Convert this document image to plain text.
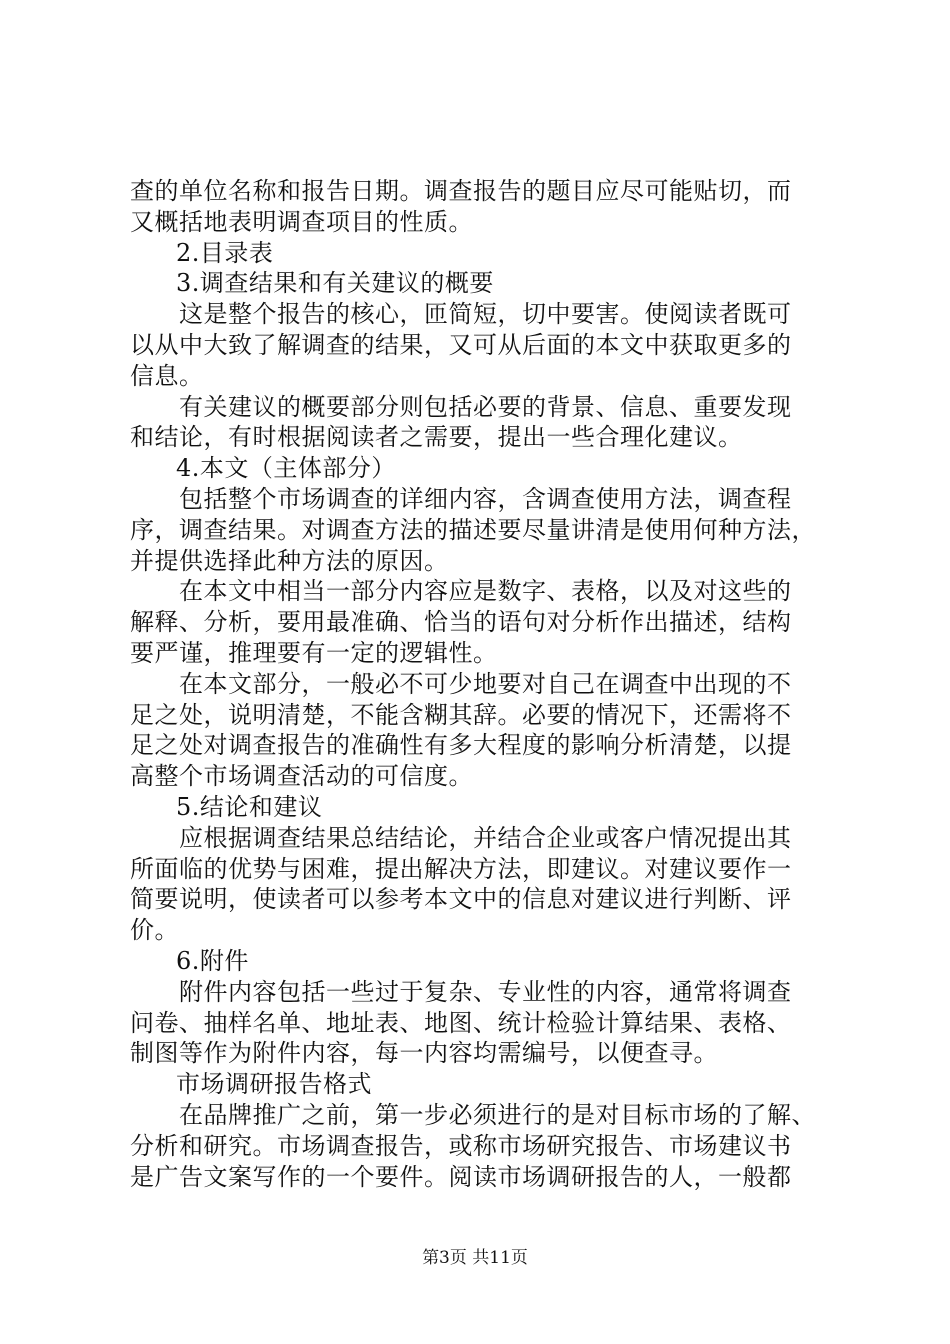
查的单位名称和报告日期。调查报告的题目应尽可能贴切，而
又概括地表明调查项目的性质。
2.目录表
3.调查结果和有关建议的概要
这是整个报告的核心，匝简短，切中要害。使阅读者既可
以从中大致了解调查的结果，又可从后面的本文中获取更多的
信息。
有关建议的概要部分则包括必要的背景、信息、重要发现
和结论，有时根据阅读者之需要，提出一些合理化建议。
4.本文（主体部分）
包括整个市场调查的详细内容，含调查使用方法，调查程
序，调查结果。对调查方法的描述要尽量讲清是使用何种方法，
并提供选择此种方法的原因。
在本文中相当一部分内容应是数字、表格，以及对这些的
解释、分析，要用最准确、恰当的语句对分析作出描述，结构
要严谨，推理要有一定的逻辑性。
在本文部分，一般必不可少地要对自己在调查中出现的不
足之处，说明清楚，不能含糊其辞。必要的情况下，还需将不
足之处对调查报告的准确性有多大程度的影响分析清楚，以提
高整个市场调查活动的可信度。
5.结论和建议
应根据调查结果总结结论，并结合企业或客户情况提出其
所面临的优势与困难，提出解决方法，即建议。对建议要作一
简要说明，使读者可以参考本文中的信息对建议进行判断、评
价。
6.附件
附件内容包括一些过于复杂、专业性的内容，通常将调查
问卷、抽样名单、地址表、地图、统计检验计算结果、表格、
制图等作为附件内容，每一内容均需编号，以便查寻。
市场调研报告格式
在品牌推广之前，第一步必须进行的是对目标市场的了解、
分析和研究。市场调查报告，或称市场研究报告、市场建议书
是广告文案写作的一个要件。阅读市场调研报告的人，一般都
第3页 共11页
